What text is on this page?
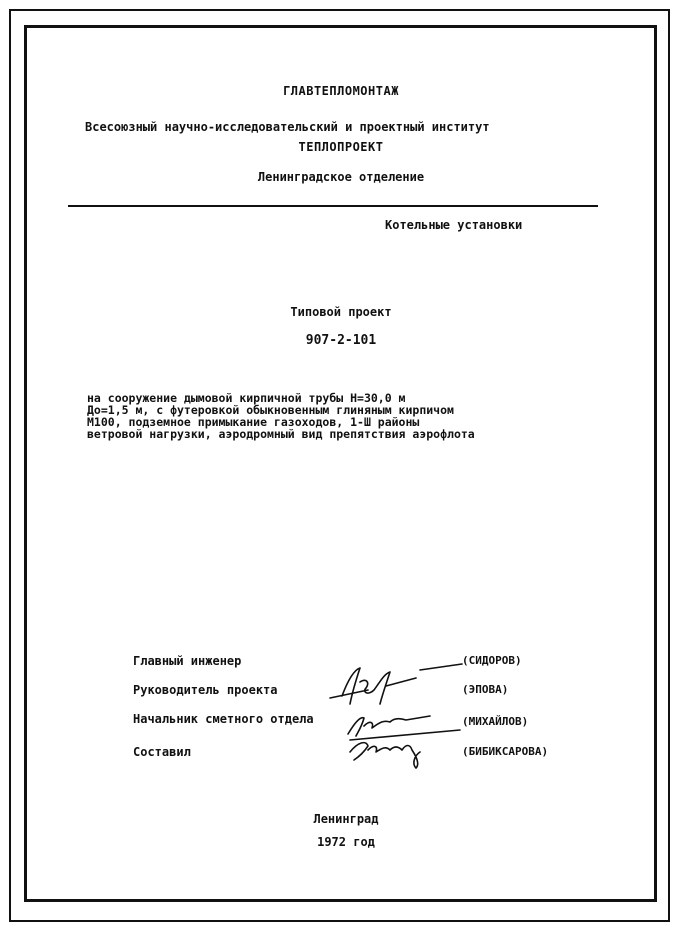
ГЛАВТЕПЛОМОНТАЖ
Всесоюзный научно-исследовательский и проектный институт
ТЕПЛОПРОЕКТ
Ленинградское отделение
Котельные установки
Типовой проект
907-2-101
на сооружение дымовой кирпичной трубы Н=30,0 м
До=1,5 м, с футеровкой обыкновенным глиняным кирпичом
М100, подземное примыкание газоходов, 1-Ш районы
ветровой нагрузки, аэродромный вид препятствия аэрофлота
Главный инженер	(СИДОРОВ)
Руководитель проекта	(ЭПОВА)
Начальник сметного отдела	(МИХАЙЛОВ)
Составил	(БИБИКСАРОВА)
Ленинград
1972 год
